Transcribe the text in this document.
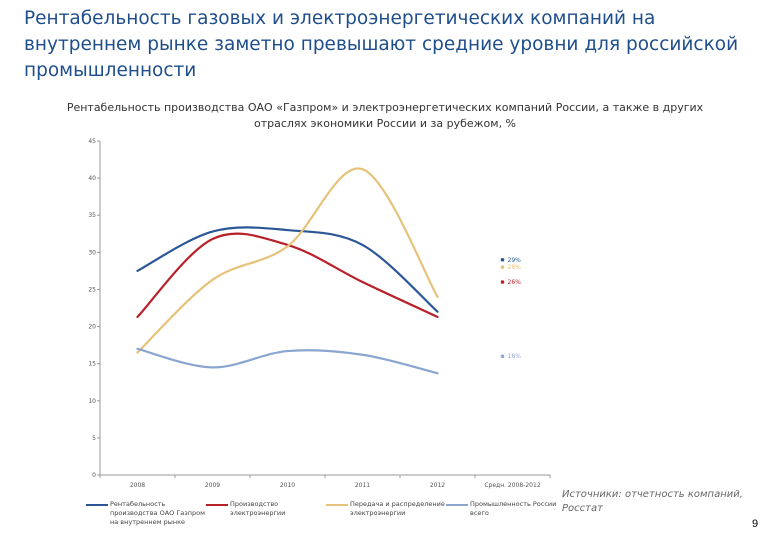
Рентабельность газовых и электроэнергетических компаний на внутреннем рынке заметно превышают средние уровни для российской промышленности

Рентабельность производства ОАО «Газпром» и электроэнергетических компаний России, а также в других отраслях экономики России и за рубежом, %

0
5
10
15
20
25
30
35
40
45
2008	2009	2010	2011	2012	Средн. 2008-2012
29%
26%
28%
16%
Рентабельность производства ОАО Газпром на внутреннем рынке
Производство электроэнергии
Передача и распределение электроэнергии
Промышленность России всего
Источники: отчетность компаний, Росстат
9
